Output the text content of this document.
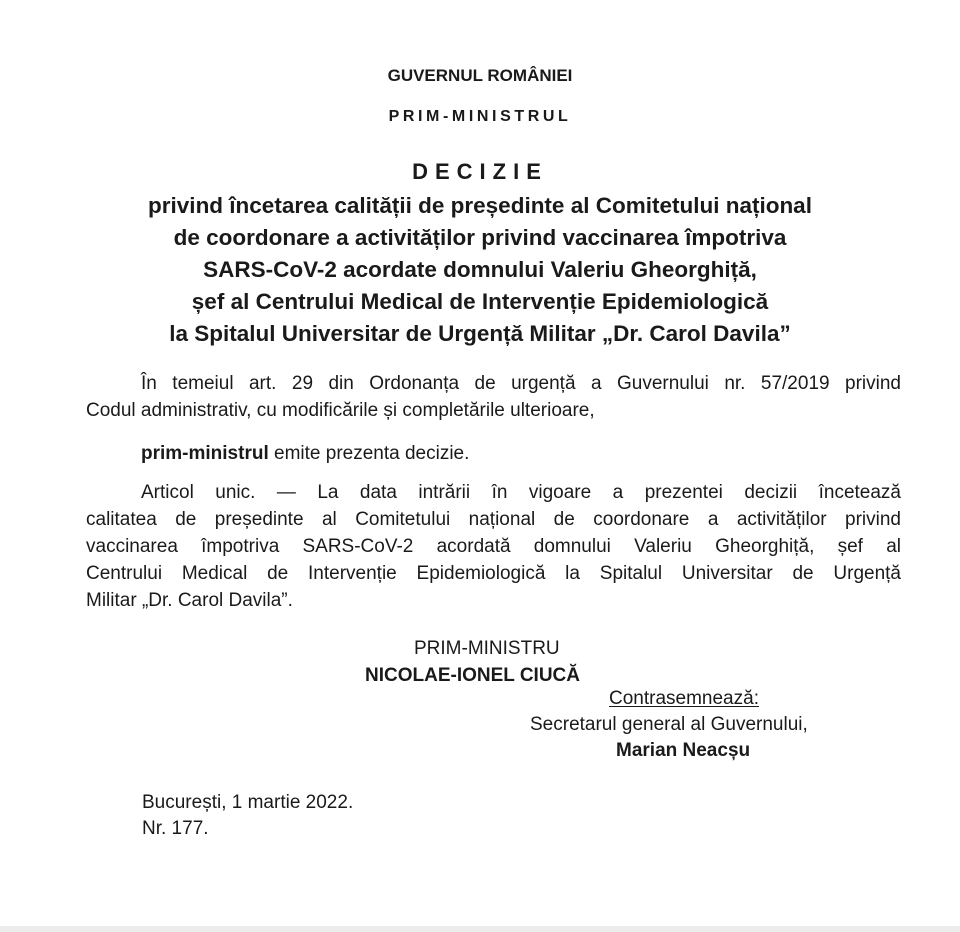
GUVERNUL ROMÂNIEI
PRIM-MINISTRUL
DECIZIE
privind încetarea calității de președinte al Comitetului național
de coordonare a activităților privind vaccinarea împotriva
SARS-CoV-2 acordate domnului Valeriu Gheorghiță,
șef al Centrului Medical de Intervenție Epidemiologică
la Spitalul Universitar de Urgență Militar „Dr. Carol Davila”
În temeiul art. 29 din Ordonanța de urgență a Guvernului nr. 57/2019 privind
Codul administrativ, cu modificările și completările ulterioare,
prim-ministrul emite prezenta decizie.
Articol unic. — La data intrării în vigoare a prezentei decizii încetează
calitatea de președinte al Comitetului național de coordonare a activităților privind
vaccinarea împotriva SARS-CoV-2 acordată domnului Valeriu Gheorghiță, șef al
Centrului Medical de Intervenție Epidemiologică la Spitalul Universitar de Urgență
Militar „Dr. Carol Davila”.
PRIM-MINISTRU
NICOLAE-IONEL CIUCĂ
Contrasemnează:
Secretarul general al Guvernului,
Marian Neacșu
București, 1 martie 2022.
Nr. 177.
